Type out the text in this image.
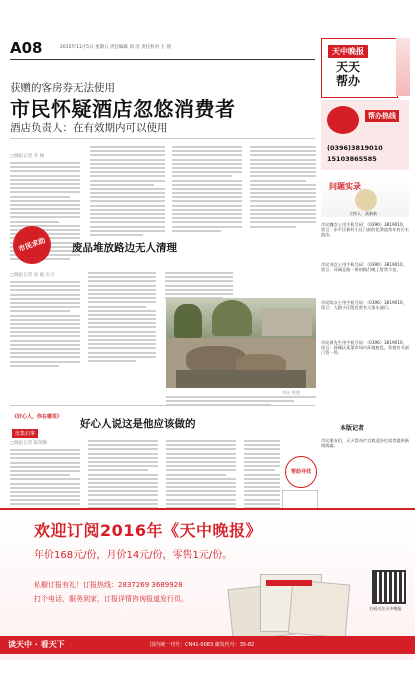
A08	2015年11月5日 星期五 责任编辑 刘 洁 责任校对 王 倩	天中晚报
天天帮办
获赠的客房券无法使用
市民怀疑酒店忽悠消费者
酒店负责人：在有效期内可以使用
□晚报记者 李 楠
市民求助	废品堆放路边无人清理
□晚报记者 袁 毅 实习
市民 供图
《好心人，你在哪里》
征集启事
好心人说这是他应该做的
□晚报记者 陈瑞琳
帮助寻找
帮办热线
(0396)3819010
15103865585
问题实录
主持人：高新新
市民魏女士用手机号码：（0396）3819010，留言：东平区新村小区门前的化粪池常年有污水流出。
市民刘女士用手机号码：（0396）3819010，留言：环城北路一带的路灯晚上常常不亮。
市民陈女士用手机号码：（0396）3819010，留言：大路小区附近常有大货车通行。
市民周先生用手机号码：（0396）3819010，留言：驿城区某菜市场内环境脏乱，希望有关部门管一管。
本版记者
市民朋友们，天天帮办栏目欢迎各位读者提供新闻线索。
欢迎订阅2016年《天中晚报》
年价168元/份，月价14元/份，零售1元/份。
私橱订报有礼！订报热线：2837269 3689928
打个电话，服务到家，订报详情咨询报道发行员。
扫码关注天中晚报
读天中 · 看天下	国内统一刊号：CN41-0083 邮发代号：35-82
